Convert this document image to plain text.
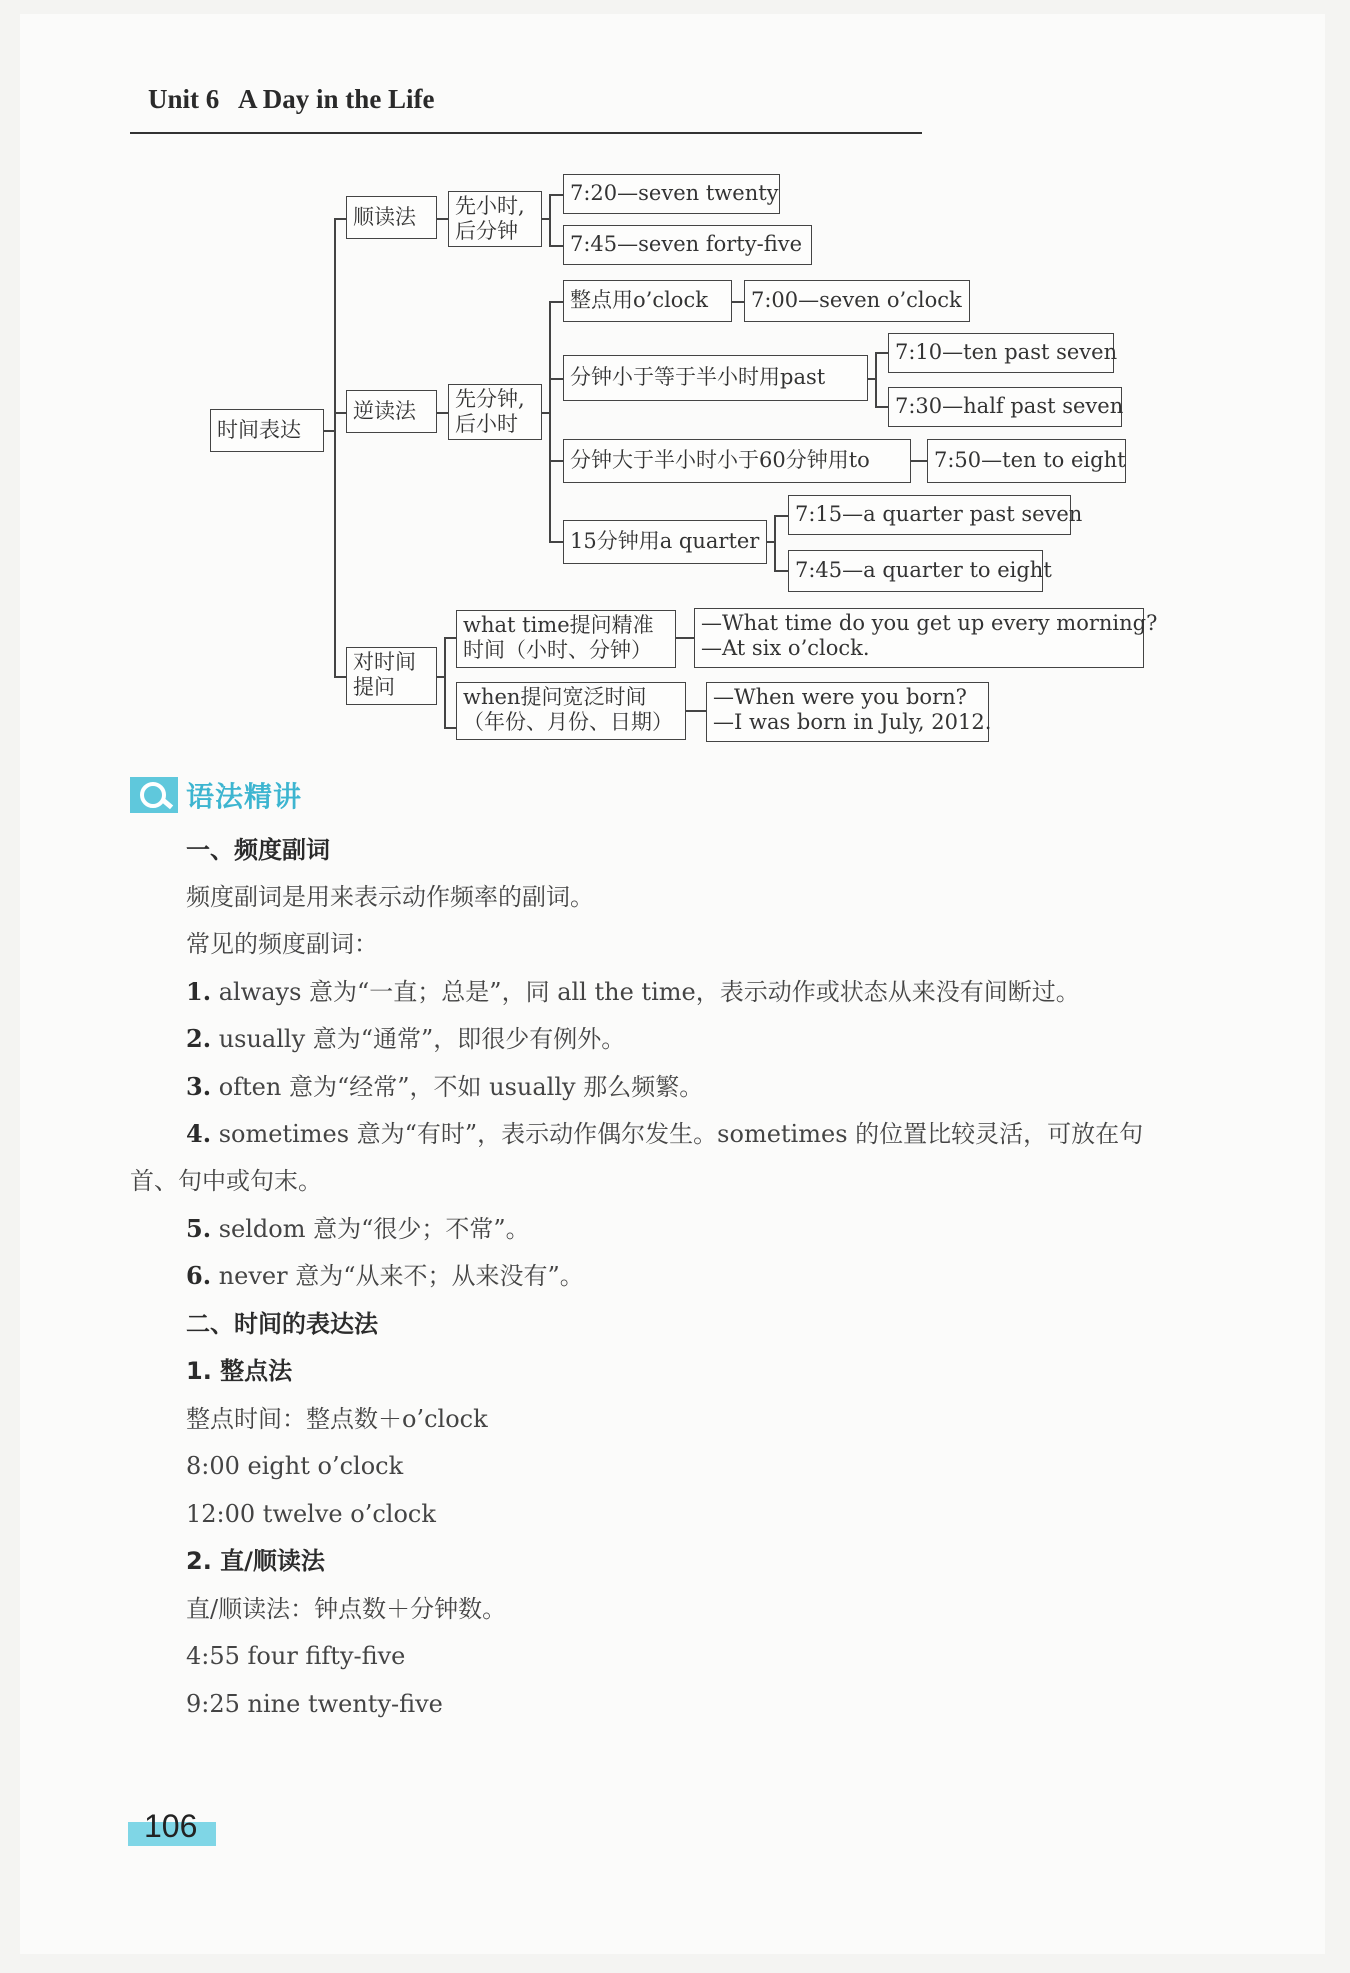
Unit 6 A Day in the Life
时间表达
顺读法	先小时,
后分钟
7:20—seven twenty
7:45—seven forty-five
逆读法	先分钟,
后小时
整点用o’clock	7:00—seven o’clock
分钟小于等于半小时用past
7:10—ten past seven
7:30—half past seven
分钟大于半小时小于60分钟用to	7:50—ten to eight
15分钟用a quarter
7:15—a quarter past seven
7:45—a quarter to eight
对时间
提问
what time提问精准
时间（小时、分钟）
—What time do you get up every morning?
—At six o’clock.
when提问宽泛时间
（年份、月份、日期）
—When were you born?
—I was born in July, 2012.
语法精讲
一、频度副词
频度副词是用来表示动作频率的副词。
常见的频度副词：
1. always 意为“一直；总是”，同 all the time，表示动作或状态从来没有间断过。
2. usually 意为“通常”，即很少有例外。
3. often 意为“经常”，不如 usually 那么频繁。
4. sometimes 意为“有时”，表示动作偶尔发生。sometimes 的位置比较灵活，可放在句
首、句中或句末。
5. seldom 意为“很少；不常”。
6. never 意为“从来不；从来没有”。
二、时间的表达法
1. 整点法
整点时间：整点数＋o’clock
8:00 eight o’clock
12:00 twelve o’clock
2. 直/顺读法
直/顺读法：钟点数＋分钟数。
4:55 four fifty-five
9:25 nine twenty-five
106
